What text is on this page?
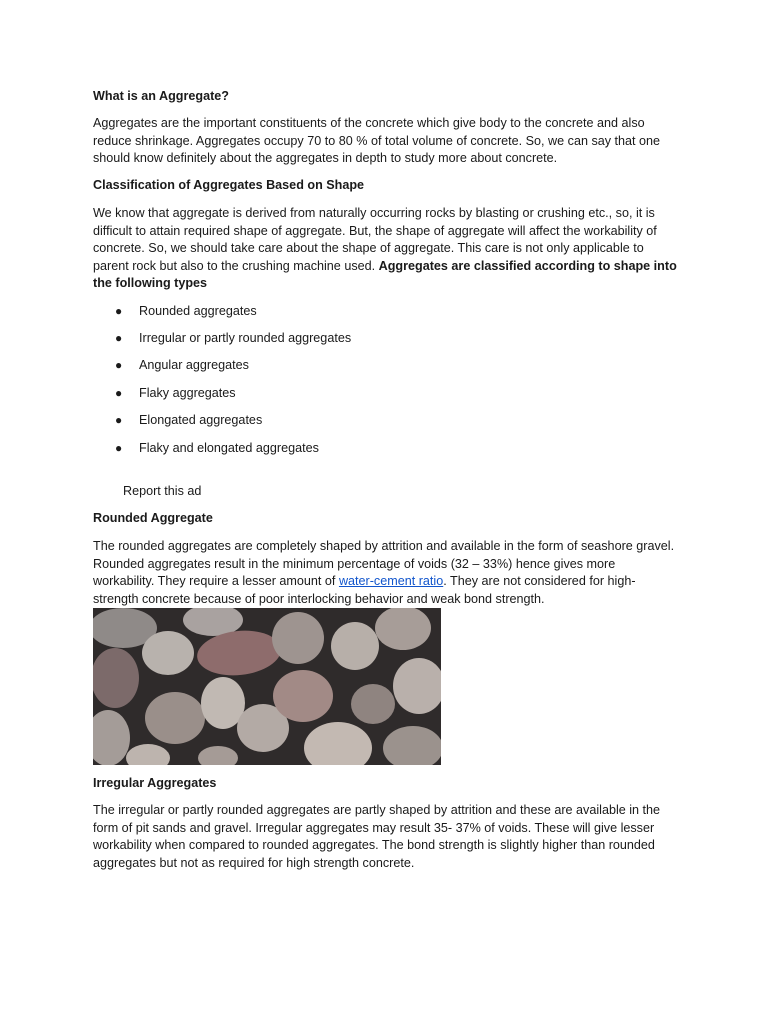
What is an Aggregate?

Aggregates are the important constituents of the concrete which give body to the concrete and also reduce shrinkage. Aggregates occupy 70 to 80 % of total volume of concrete. So, we can say that one should know definitely about the aggregates in depth to study more about concrete.

Classification of Aggregates Based on Shape

We know that aggregate is derived from naturally occurring rocks by blasting or crushing etc., so, it is difficult to attain required shape of aggregate. But, the shape of aggregate will affect the workability of concrete. So, we should take care about the shape of aggregate. This care is not only applicable to parent rock but also to the crushing machine used. Aggregates are classified according to shape into the following types

● Rounded aggregates
● Irregular or partly rounded aggregates
● Angular aggregates
● Flaky aggregates
● Elongated aggregates
● Flaky and elongated aggregates

Report this ad

Rounded Aggregate

The rounded aggregates are completely shaped by attrition and available in the form of seashore gravel. Rounded aggregates result in the minimum percentage of voids (32 – 33%) hence gives more workability. They require a lesser amount of water-cement ratio. They are not considered for high-strength concrete because of poor interlocking behavior and weak bond strength.

Irregular Aggregates

The irregular or partly rounded aggregates are partly shaped by attrition and these are available in the form of pit sands and gravel. Irregular aggregates may result 35- 37% of voids. These will give lesser workability when compared to rounded aggregates. The bond strength is slightly higher than rounded aggregates but not as required for high strength concrete.
